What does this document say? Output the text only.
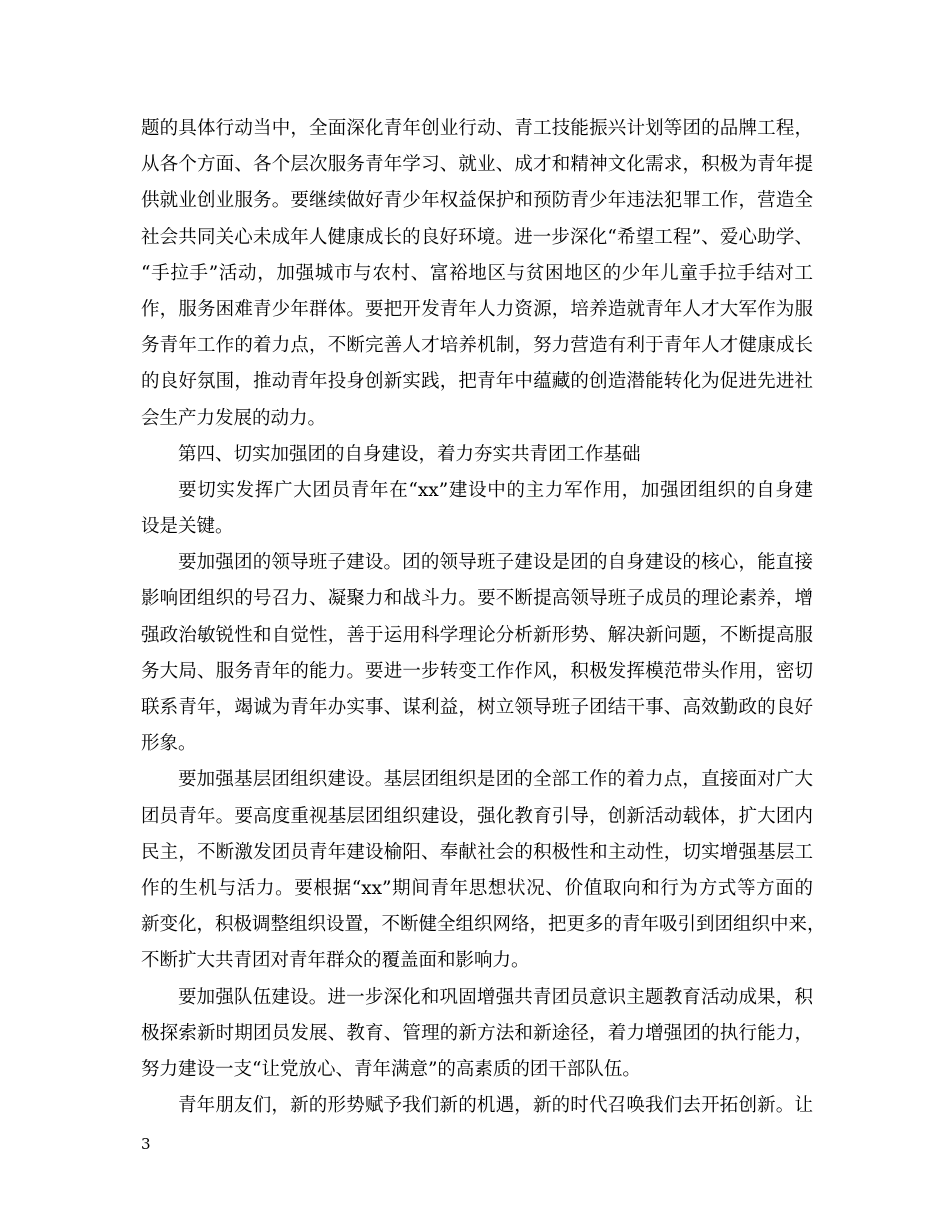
题的具体行动当中，全面深化青年创业行动、青工技能振兴计划等团的品牌工程，
从各个方面、各个层次服务青年学习、就业、成才和精神文化需求，积极为青年提
供就业创业服务。要继续做好青少年权益保护和预防青少年违法犯罪工作，营造全
社会共同关心未成年人健康成长的良好环境。进一步深化“希望工程”、爱心助学、
“手拉手”活动，加强城市与农村、富裕地区与贫困地区的少年儿童手拉手结对工
作，服务困难青少年群体。要把开发青年人力资源，培养造就青年人才大军作为服
务青年工作的着力点，不断完善人才培养机制，努力营造有利于青年人才健康成长
的良好氛围，推动青年投身创新实践，把青年中蕴藏的创造潜能转化为促进先进社
会生产力发展的动力。
第四、切实加强团的自身建设，着力夯实共青团工作基础
要切实发挥广大团员青年在“xx”建设中的主力军作用，加强团组织的自身建
设是关键。
要加强团的领导班子建设。团的领导班子建设是团的自身建设的核心，能直接
影响团组织的号召力、凝聚力和战斗力。要不断提高领导班子成员的理论素养，增
强政治敏锐性和自觉性，善于运用科学理论分析新形势、解决新问题，不断提高服
务大局、服务青年的能力。要进一步转变工作作风，积极发挥模范带头作用，密切
联系青年，竭诚为青年办实事、谋利益，树立领导班子团结干事、高效勤政的良好
形象。
要加强基层团组织建设。基层团组织是团的全部工作的着力点，直接面对广大
团员青年。要高度重视基层团组织建设，强化教育引导，创新活动载体，扩大团内
民主，不断激发团员青年建设榆阳、奉献社会的积极性和主动性，切实增强基层工
作的生机与活力。要根据“xx”期间青年思想状况、价值取向和行为方式等方面的
新变化，积极调整组织设置，不断健全组织网络，把更多的青年吸引到团组织中来，
不断扩大共青团对青年群众的覆盖面和影响力。
要加强队伍建设。进一步深化和巩固增强共青团员意识主题教育活动成果，积
极探索新时期团员发展、教育、管理的新方法和新途径，着力增强团的执行能力，
努力建设一支“让党放心、青年满意”的高素质的团干部队伍。
青年朋友们，新的形势赋予我们新的机遇，新的时代召唤我们去开拓创新。让
3
